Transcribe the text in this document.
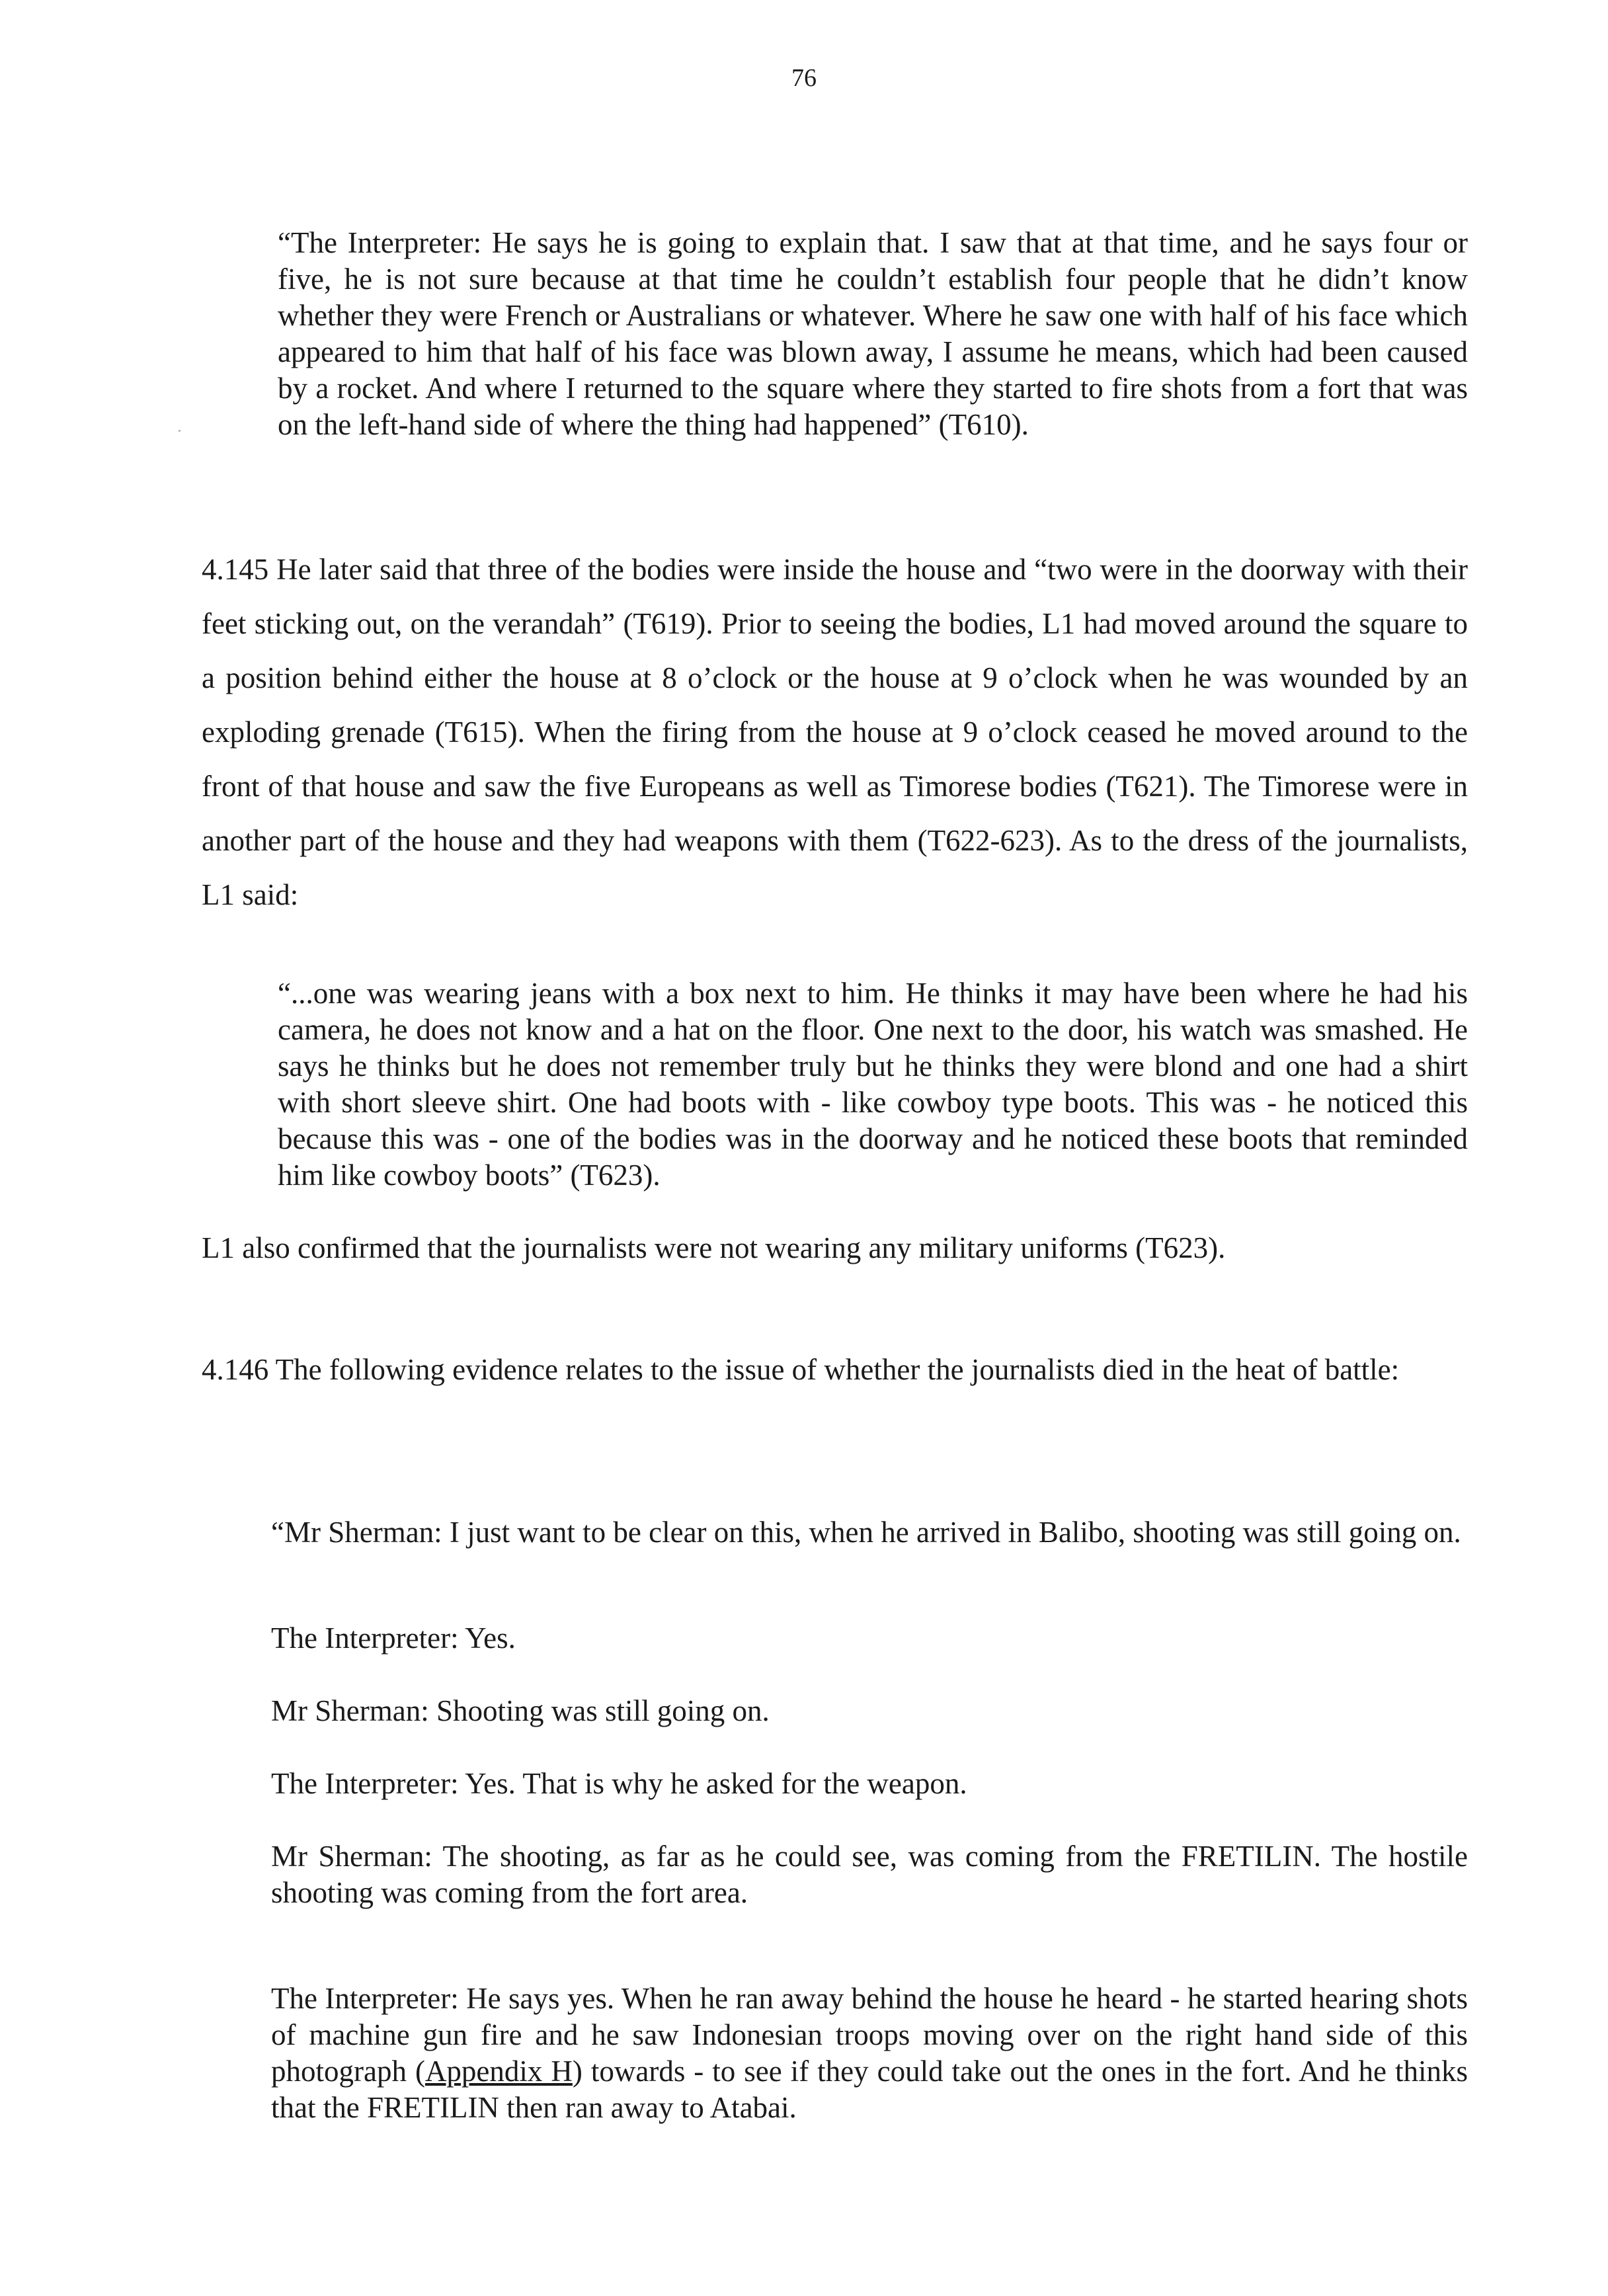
76

“The Interpreter: He says he is going to explain that. I saw that at that time, and he says four or five, he is not sure because at that time he couldn’t establish four people that he didn’t know whether they were French or Australians or whatever. Where he saw one with half of his face which appeared to him that half of his face was blown away, I assume he means, which had been caused by a rocket. And where I returned to the square where they started to fire shots from a fort that was on the left-hand side of where the thing had happened” (T610).

4.145 He later said that three of the bodies were inside the house and “two were in the doorway with their feet sticking out, on the verandah” (T619). Prior to seeing the bodies, L1 had moved around the square to a position behind either the house at 8 o’clock or the house at 9 o’clock when he was wounded by an exploding grenade (T615). When the firing from the house at 9 o’clock ceased he moved around to the front of that house and saw the five Europeans as well as Timorese bodies (T621). The Timorese were in another part of the house and they had weapons with them (T622-623). As to the dress of the journalists, L1 said:

“...one was wearing jeans with a box next to him. He thinks it may have been where he had his camera, he does not know and a hat on the floor. One next to the door, his watch was smashed. He says he thinks but he does not remember truly but he thinks they were blond and one had a shirt with short sleeve shirt. One had boots with - like cowboy type boots. This was - he noticed this because this was - one of the bodies was in the doorway and he noticed these boots that reminded him like cowboy boots” (T623).

L1 also confirmed that the journalists were not wearing any military uniforms (T623).

4.146 The following evidence relates to the issue of whether the journalists died in the heat of battle:

“Mr Sherman: I just want to be clear on this, when he arrived in Balibo, shooting was still going on.

The Interpreter: Yes.

Mr Sherman: Shooting was still going on.

The Interpreter: Yes. That is why he asked for the weapon.

Mr Sherman: The shooting, as far as he could see, was coming from the FRETILIN. The hostile shooting was coming from the fort area.

The Interpreter: He says yes. When he ran away behind the house he heard - he started hearing shots of machine gun fire and he saw Indonesian troops moving over on the right hand side of this photograph (Appendix H) towards - to see if they could take out the ones in the fort. And he thinks that the FRETILIN then ran away to Atabai.
